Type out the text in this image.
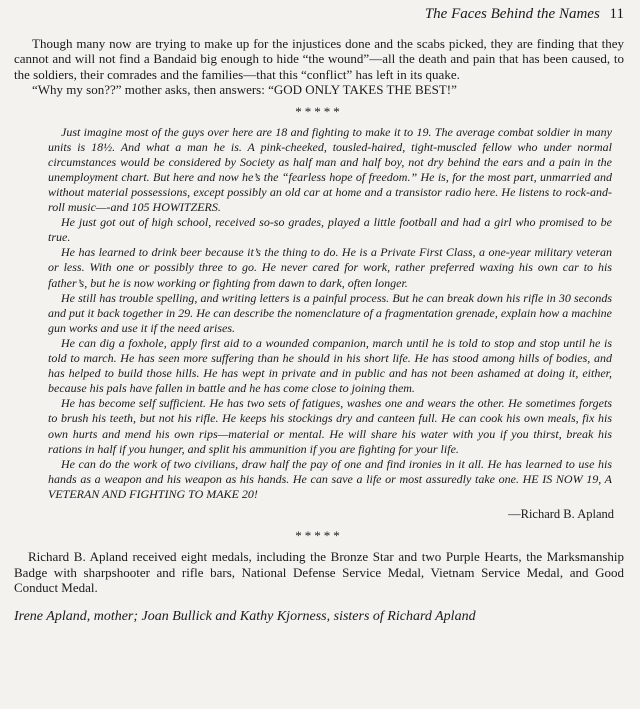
The Faces Behind the Names 11

Though many now are trying to make up for the injustices done and the scabs picked, they are finding that they cannot and will not find a Bandaid big enough to hide “the wound”—all the death and pain that has been caused, to the soldiers, their comrades and the families—that this “conflict” has left in its quake.

“Why my son??” mother asks, then answers: “GOD ONLY TAKES THE BEST!”

*****

Just imagine most of the guys over here are 18 and fighting to make it to 19. The average combat soldier in many units is 18½. And what a man he is. A pink-cheeked, tousled-haired, tight-muscled fellow who under normal circumstances would be considered by Society as half man and half boy, not dry behind the ears and a pain in the unemployment chart. But here and now he’s the “fearless hope of freedom.” He is, for the most part, unmarried and without material possessions, except possibly an old car at home and a transistor radio here. He listens to rock-and-roll music—-and 105 HOWITZERS.

He just got out of high school, received so-so grades, played a little football and had a girl who promised to be true.

He has learned to drink beer because it’s the thing to do. He is a Private First Class, a one-year military veteran or less. With one or possibly three to go. He never cared for work, rather preferred waxing his own car to his father’s, but he is now working or fighting from dawn to dark, often longer.

He still has trouble spelling, and writing letters is a painful process. But he can break down his rifle in 30 seconds and put it back together in 29. He can describe the nomenclature of a fragmentation grenade, explain how a machine gun works and use it if the need arises.

He can dig a foxhole, apply first aid to a wounded companion, march until he is told to stop and stop until he is told to march. He has seen more suffering than he should in his short life. He has stood among hills of bodies, and has helped to build those hills. He has wept in private and in public and has not been ashamed at doing it, either, because his pals have fallen in battle and he has come close to joining them.

He has become self sufficient. He has two sets of fatigues, washes one and wears the other. He sometimes forgets to brush his teeth, but not his rifle. He keeps his stockings dry and canteen full. He can cook his own meals, fix his own hurts and mend his own rips—material or mental. He will share his water with you if you thirst, break his rations in half if you hunger, and split his ammunition if you are fighting for your life.

He can do the work of two civilians, draw half the pay of one and find ironies in it all. He has learned to use his hands as a weapon and his weapon as his hands. He can save a life or most assuredly take one. HE IS NOW 19, A VETERAN AND FIGHTING TO MAKE 20!

—Richard B. Apland
*****

Richard B. Apland received eight medals, including the Bronze Star and two Purple Hearts, the Marksmanship Badge with sharpshooter and rifle bars, National Defense Service Medal, Vietnam Service Medal, and Good Conduct Medal.

Irene Apland, mother; Joan Bullick and Kathy Kjorness, sisters of Richard Apland
